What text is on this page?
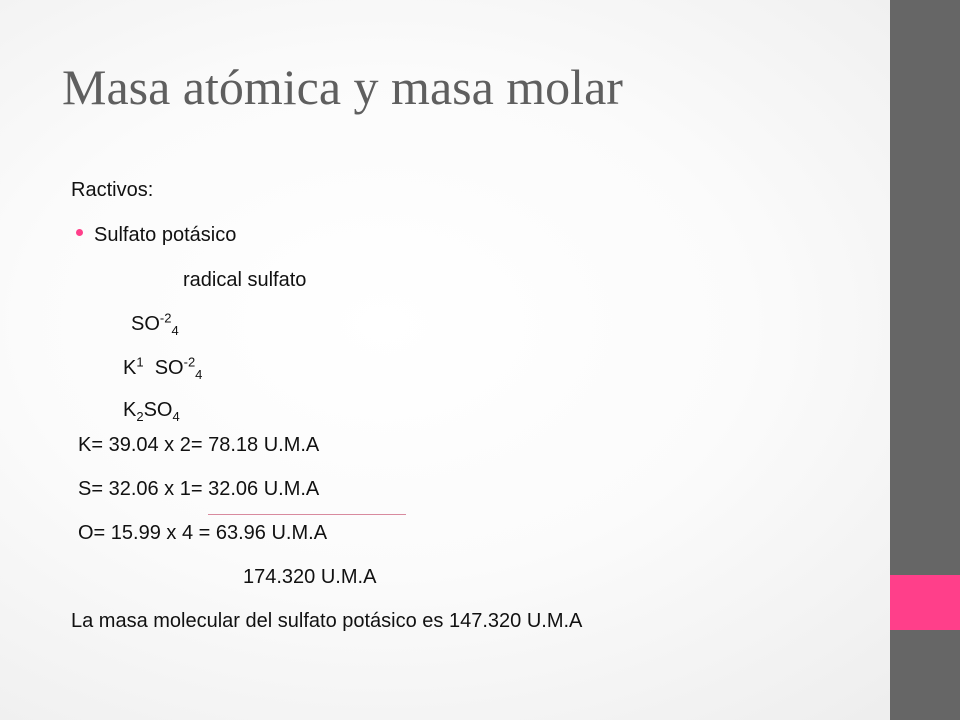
Masa atómica y masa molar
Ractivos:
Sulfato potásico
radical sulfato
$SO^{-2}_4$
$K^1$ $SO^{-2}_4$
$K_2SO_4$
K= 39.04 x 2= 78.18 U.M.A
S= 32.06 x 1= 32.06 U.M.A
O= 15.99 x 4 = 63.96 U.M.A
174.320 U.M.A
La masa molecular del sulfato potásico es 147.320 U.M.A
